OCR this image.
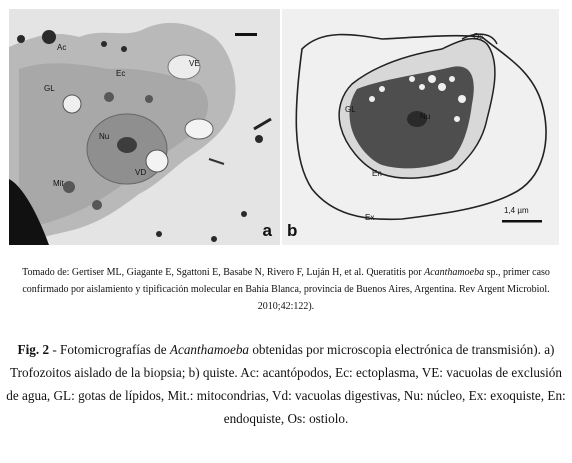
Ac
Ec
VE
GL
Nu
VD
Mit
a
Os
GL
Nu
En
Ex
1,4 µm
b
Tomado de: Gertiser ML, Giagante E, Sgattoni E, Basabe N, Rivero F, Luján H, et al. Queratitis por Acanthamoeba sp., primer caso confirmado por aislamiento y tipificación molecular en Bahía Blanca, provincia de Buenos Aires, Argentina. Rev Argent Microbiol. 2010;42:122).
Fig. 2 - Fotomicrografías de Acanthamoeba obtenidas por microscopia electrónica de transmisión). a) Trofozoitos aislado de la biopsia; b) quiste. Ac: acantópodos, Ec: ectoplasma, VE: vacuolas de exclusión de agua, GL: gotas de lípidos, Mit.: mitocondrias, Vd: vacuolas digestivas, Nu: núcleo, Ex: exoquiste, En: endoquiste, Os: ostiolo.
